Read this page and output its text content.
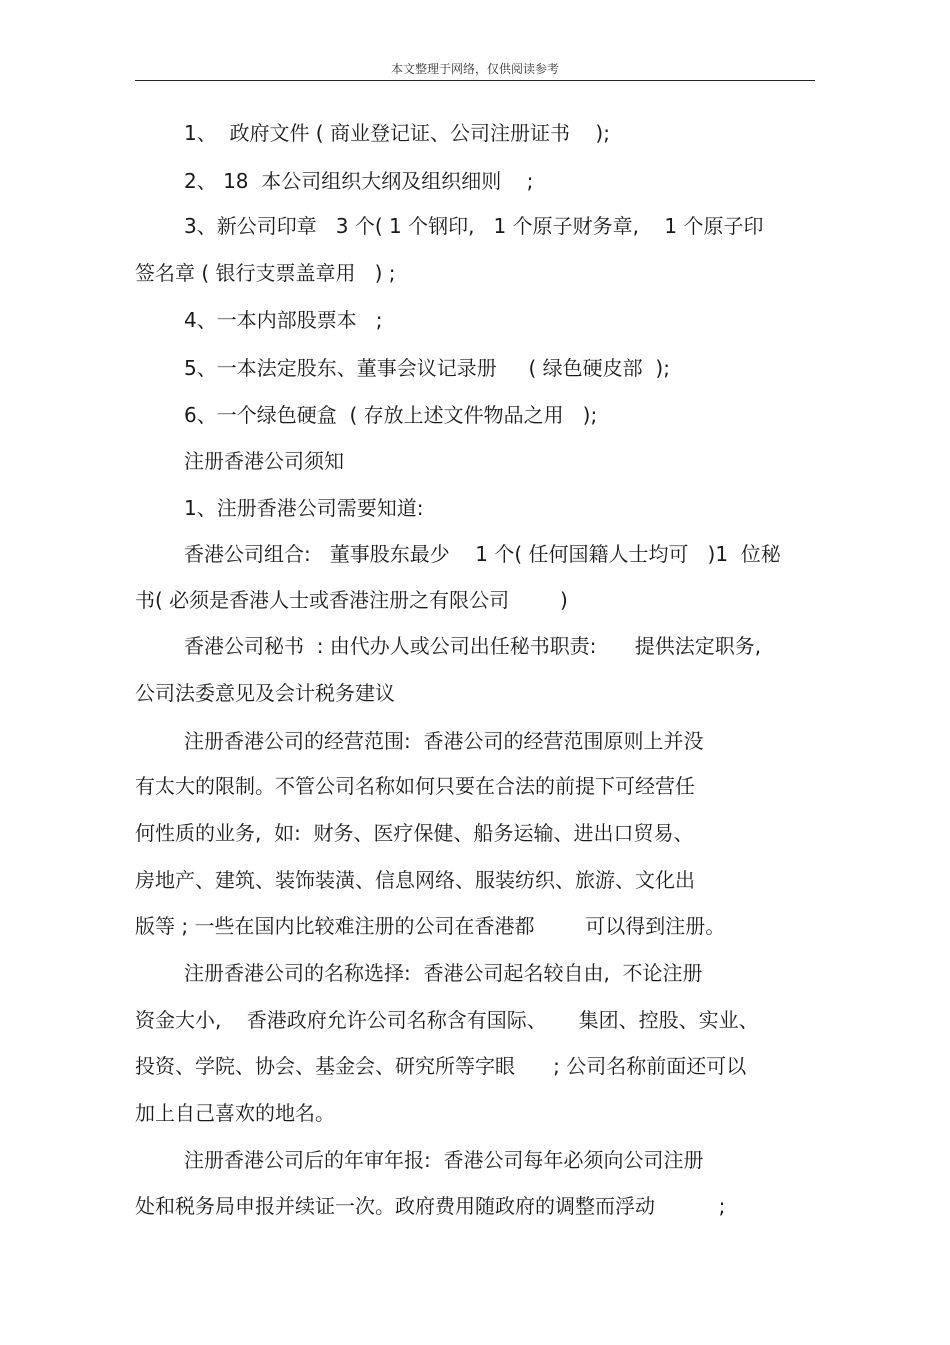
本文整理于网络，仅供阅读参考
1、  政府文件 ( 商业登记证、公司注册证书    );
2、 18  本公司组织大纲及组织细则    ;
3、新公司印章   3 个( 1 个钢印,   1 个原子财务章,    1 个原子印
签名章 ( 银行支票盖章用   ) ;
4、一本内部股票本   ;
5、一本法定股东、董事会议记录册     ( 绿色硬皮部  );
6、一个绿色硬盒  ( 存放上述文件物品之用   );
注册香港公司须知
1、注册香港公司需要知道:
香港公司组合:   董事股东最少    1 个( 任何国籍人士均可   )1  位秘
书( 必须是香港人士或香港注册之有限公司        )
香港公司秘书  : 由代办人或公司出任秘书职责:      提供法定职务,
公司法委意见及会计税务建议
注册香港公司的经营范围:  香港公司的经营范围原则上并没
有太大的限制。不管公司名称如何只要在合法的前提下可经营任
何性质的业务,  如:  财务、医疗保健、船务运输、进出口贸易、
房地产、建筑、装饰装潢、信息网络、服装纺织、旅游、文化出
版等 ; 一些在国内比较难注册的公司在香港都        可以得到注册。
注册香港公司的名称选择:  香港公司起名较自由,  不论注册
资金大小,    香港政府允许公司名称含有国际、     集团、控股、实业、
投资、学院、协会、基金会、研究所等字眼      ; 公司名称前面还可以
加上自己喜欢的地名。
注册香港公司后的年审年报:  香港公司每年必须向公司注册
处和税务局申报并续证一次。政府费用随政府的调整而浮动          ;
